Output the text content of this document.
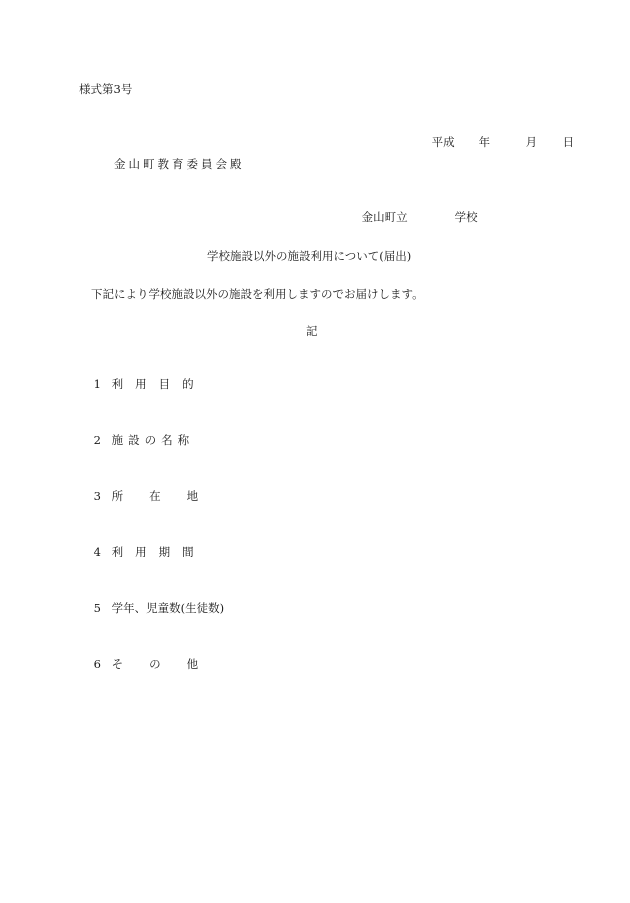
様式第3号

平成 年	月 日

金山町教育委員会殿

金山町立	学校

学校施設以外の施設利用について(届出)
下記により学校施設以外の施設を利用しますのでお届けします。
記

1 利用目的

2 施設の名称

3 所在地

4 利用期間

5 学年、児童数(生徒数)

6 その他
